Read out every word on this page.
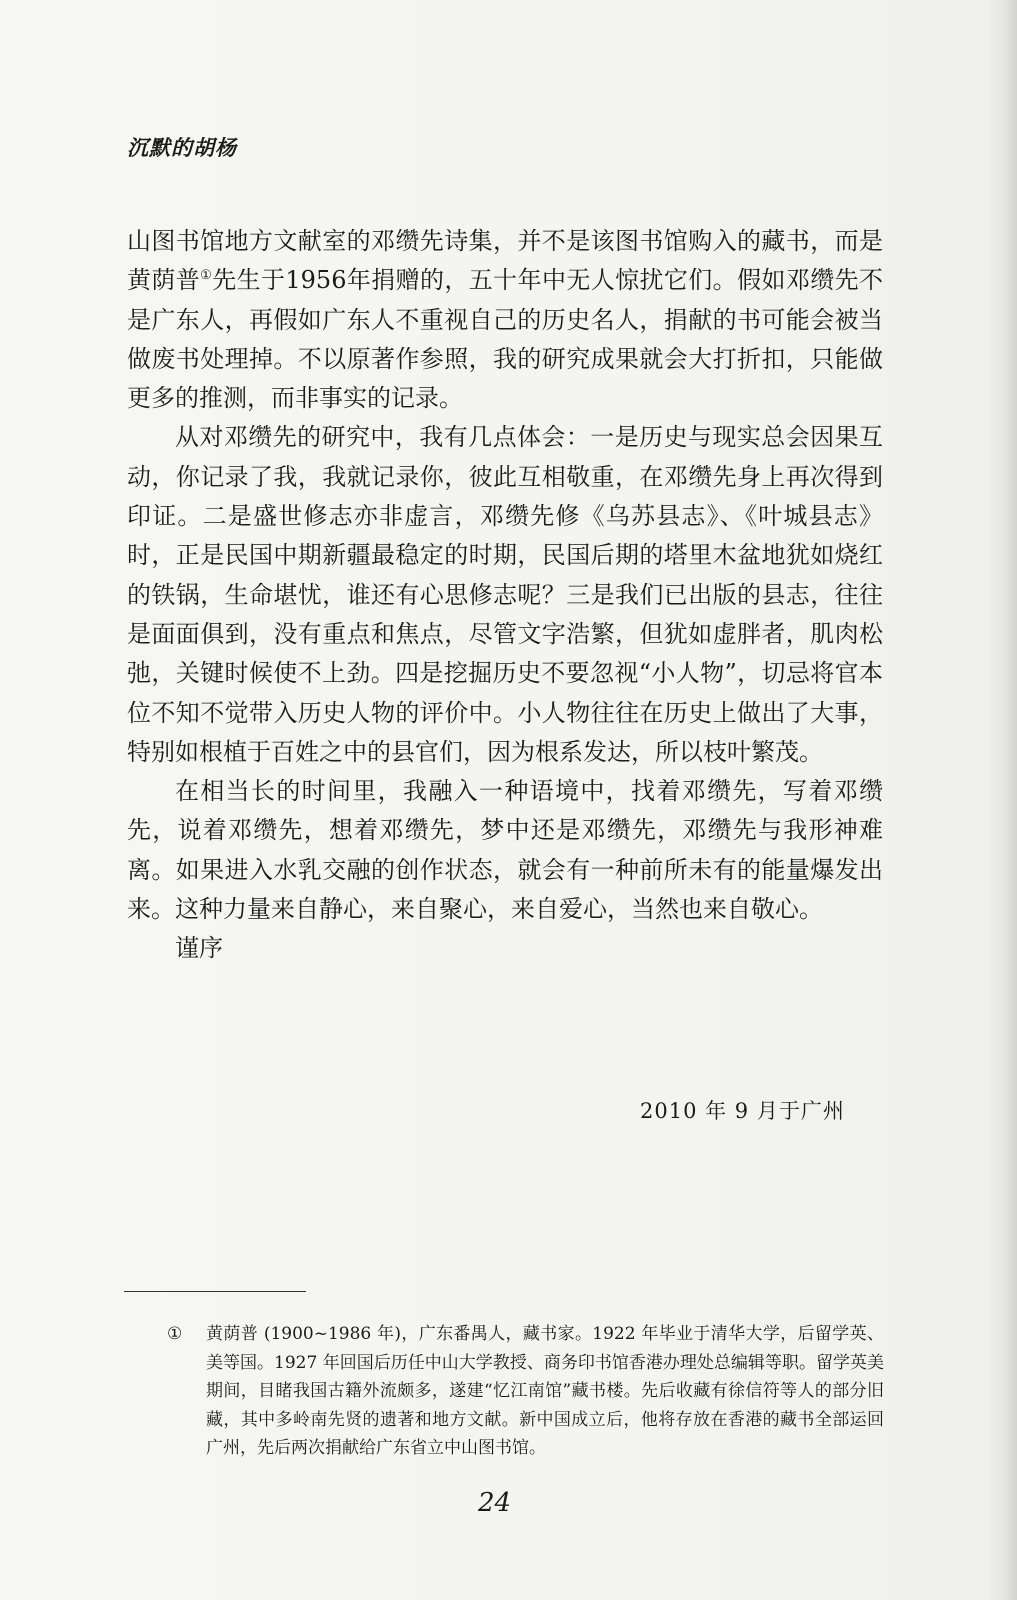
沉默的胡杨

山图书馆地方文献室的邓缵先诗集，并不是该图书馆购入的藏书，而是黄荫普①先生于1956年捐赠的，五十年中无人惊扰它们。假如邓缵先不是广东人，再假如广东人不重视自己的历史名人，捐献的书可能会被当做废书处理掉。不以原著作参照，我的研究成果就会大打折扣，只能做更多的推测，而非事实的记录。

从对邓缵先的研究中，我有几点体会：一是历史与现实总会因果互动，你记录了我，我就记录你，彼此互相敬重，在邓缵先身上再次得到印证。二是盛世修志亦非虚言，邓缵先修《乌苏县志》、《叶城县志》时，正是民国中期新疆最稳定的时期，民国后期的塔里木盆地犹如烧红的铁锅，生命堪忧，谁还有心思修志呢？三是我们已出版的县志，往往是面面俱到，没有重点和焦点，尽管文字浩繁，但犹如虚胖者，肌肉松弛，关键时候使不上劲。四是挖掘历史不要忽视“小人物”，切忌将官本位不知不觉带入历史人物的评价中。小人物往往在历史上做出了大事，特别如根植于百姓之中的县官们，因为根系发达，所以枝叶繁茂。

在相当长的时间里，我融入一种语境中，找着邓缵先，写着邓缵先，说着邓缵先，想着邓缵先，梦中还是邓缵先，邓缵先与我形神难离。如果进入水乳交融的创作状态，就会有一种前所未有的能量爆发出来。这种力量来自静心，来自聚心，来自爱心，当然也来自敬心。

谨序

2010 年 9 月于广州
①	黄荫普 (1900~1986 年)，广东番禺人，藏书家。1922 年毕业于清华大学，后留学英、美等国。1927 年回国后历任中山大学教授、商务印书馆香港办理处总编辑等职。留学英美期间，目睹我国古籍外流颇多，遂建“忆江南馆”藏书楼。先后收藏有徐信符等人的部分旧藏，其中多岭南先贤的遗著和地方文献。新中国成立后，他将存放在香港的藏书全部运回广州，先后两次捐献给广东省立中山图书馆。

24
